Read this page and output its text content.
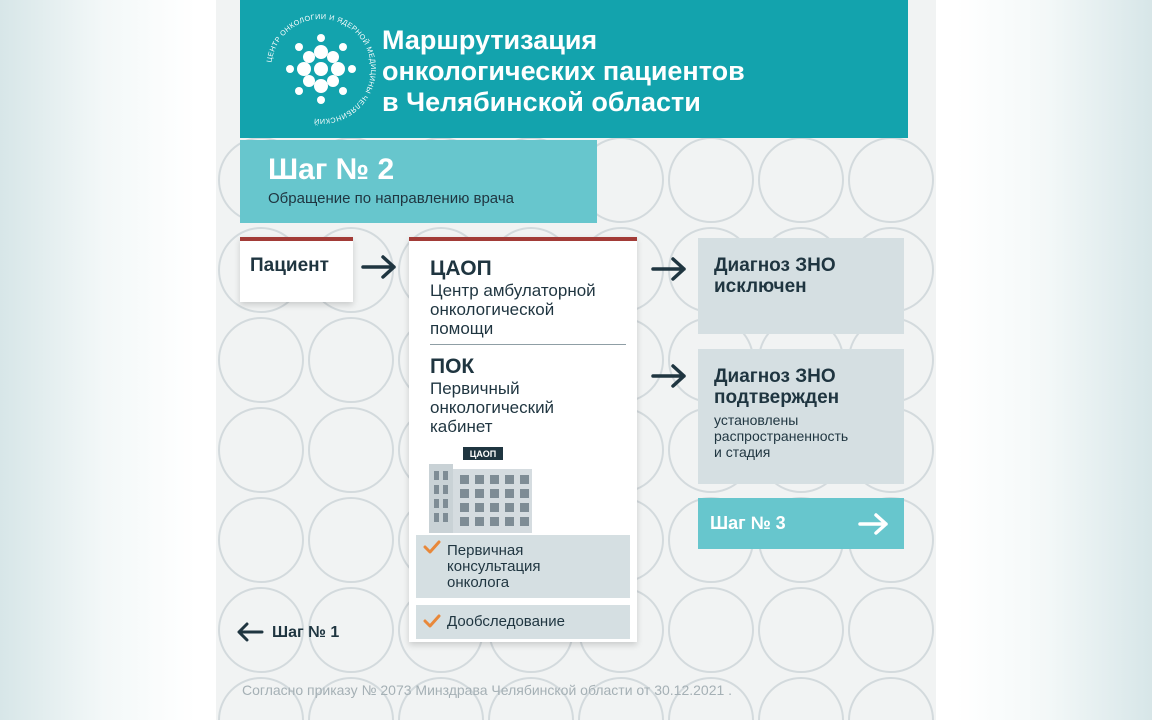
ЦЕНТР ОНКОЛОГИИ И ЯДЕРНОЙ МЕДИЦИНЫ ЧЕЛЯБИНСКИЙ
Маршрутизация
онкологических пациентов
в Челябинской области
Шаг № 2
Обращение по направлению врача
Пациент	ЦАОП
Центр амбулаторной
онкологической
помощи
ПОК
Первичный
онкологический
кабинет
ЦАОП
Первичная
консультация
онколога
Дообследование
Диагноз ЗНО
исключен
Диагноз ЗНО
подтвержден
установлены
распространенность
и стадия
Шаг № 3
Шаг № 1
Согласно приказу № 2073 Минздрава Челябинской области от 30.12.2021 .
